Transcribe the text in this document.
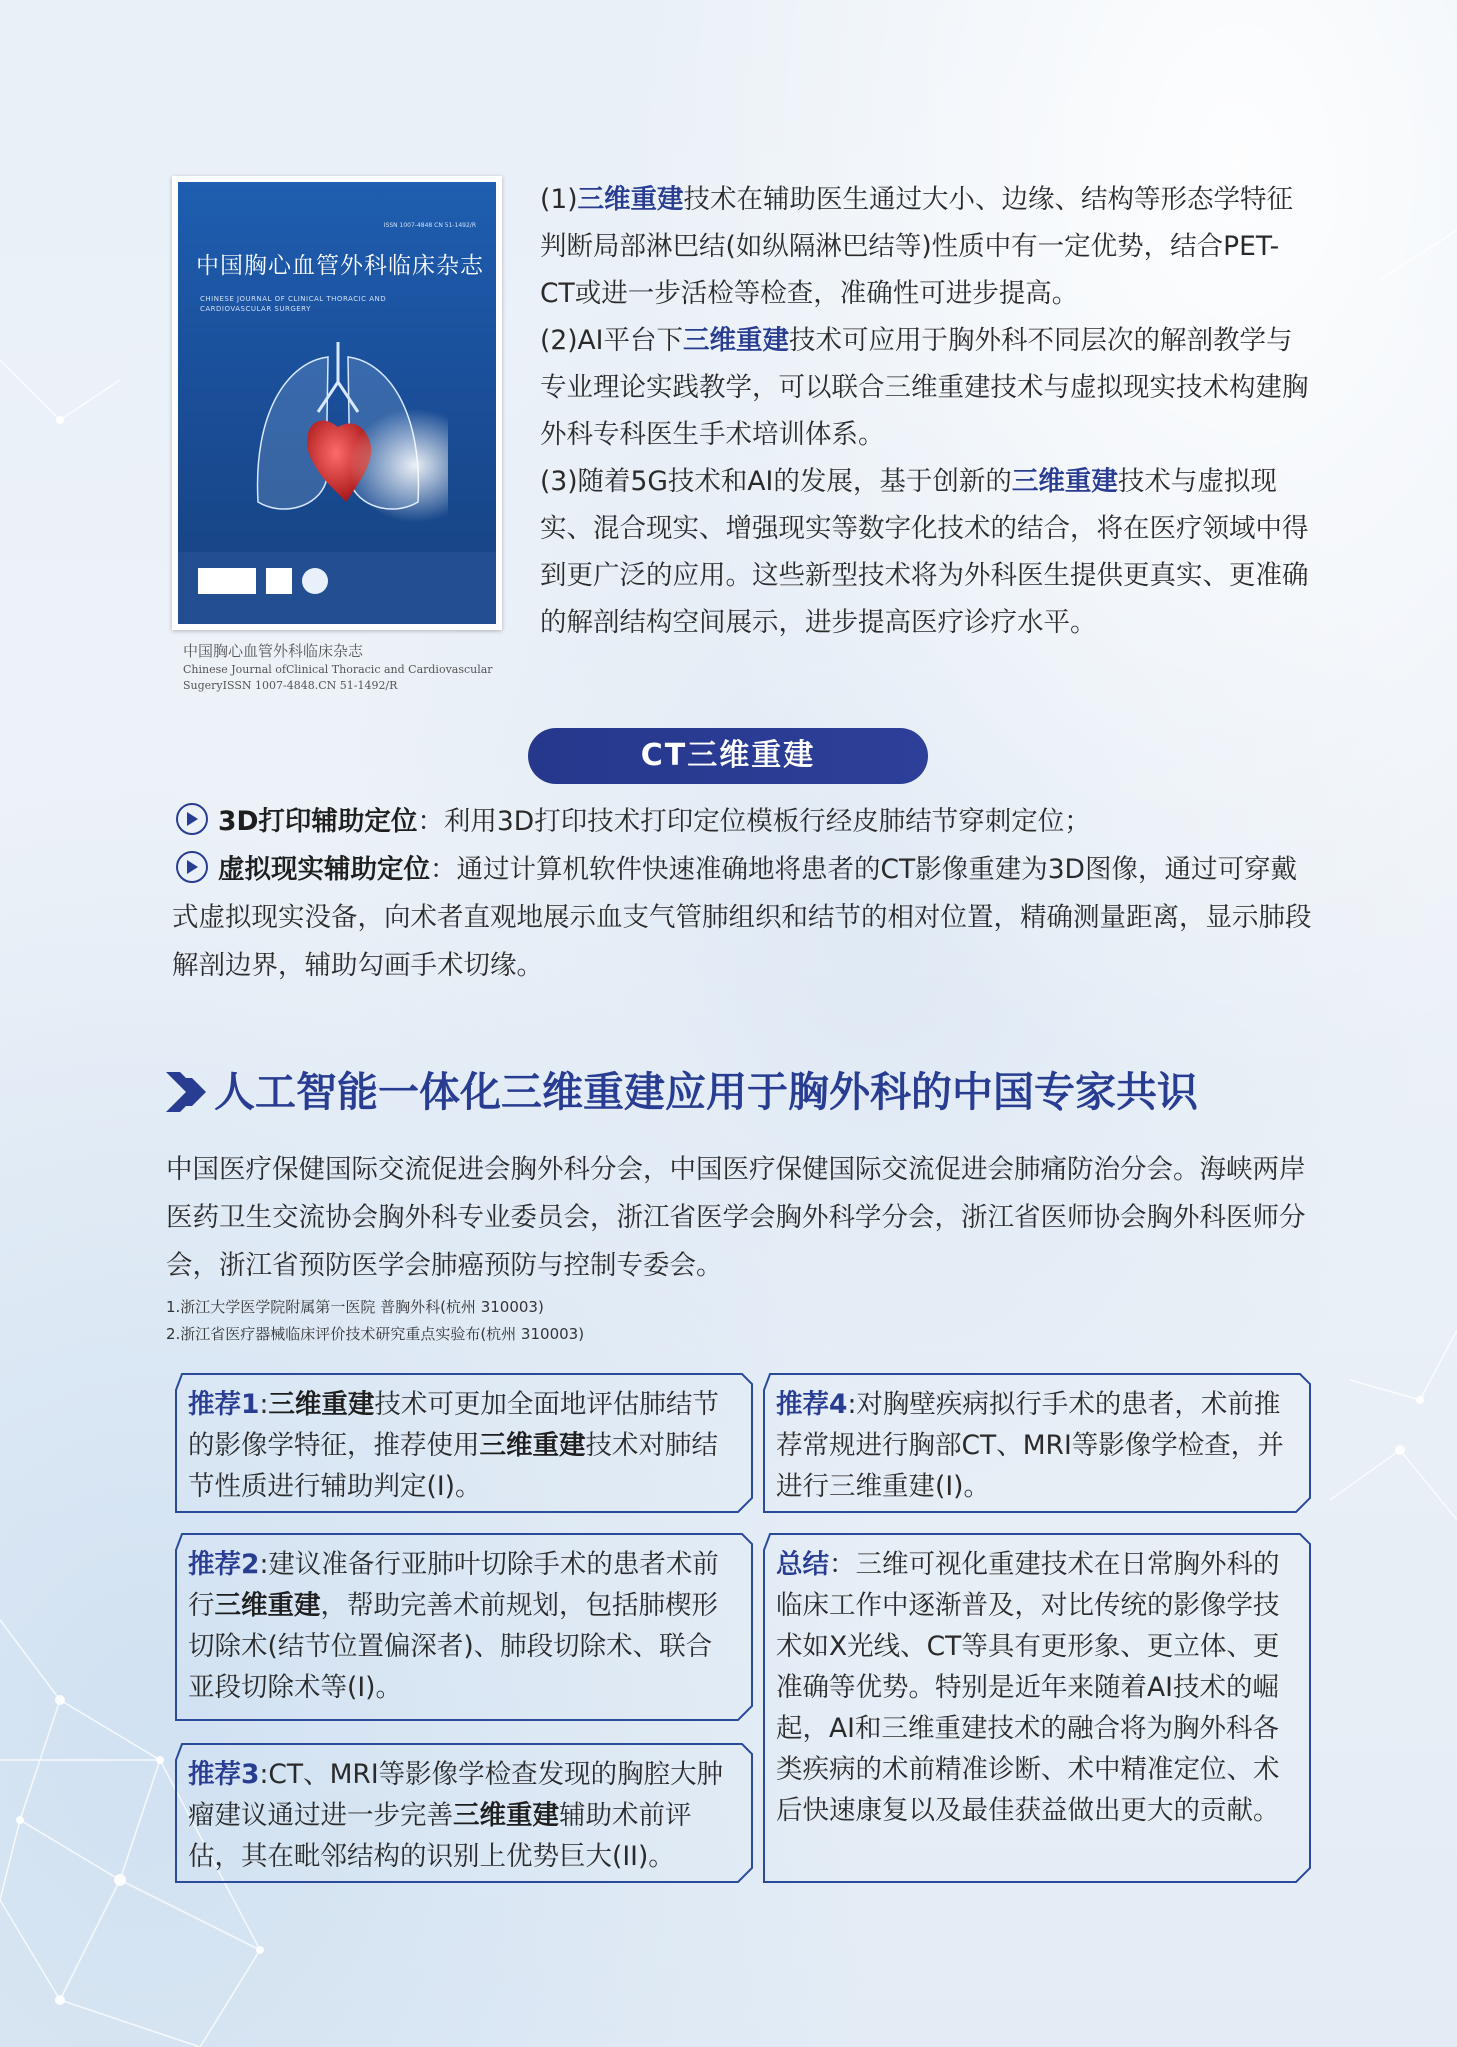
ISSN 1007-4848 CN 51-1492/R
中国胸心血管外科临床杂志
CHINESE JOURNAL OF CLINICAL THORACIC AND CARDIOVASCULAR SURGERY
中国胸心血管外科临床杂志
Chinese Journal ofClinical Thoracic and Cardiovascular
SugeryISSN 1007-4848.CN 51-1492/R

(1)三维重建技术在辅助医生通过大小、边缘、结构等形态学特征判断局部淋巴结(如纵隔淋巴结等)性质中有一定优势，结合PET-CT或进一步活检等检查，准确性可进步提高。

(2)AI平台下三维重建技术可应用于胸外科不同层次的解剖教学与专业理论实践教学，可以联合三维重建技术与虚拟现实技术构建胸外科专科医生手术培训体系。

(3)随着5G技术和AI的发展，基于创新的三维重建技术与虚拟现实、混合现实、增强现实等数字化技术的结合，将在医疗领域中得到更广泛的应用。这些新型技术将为外科医生提供更真实、更准确的解剖结构空间展示，进步提高医疗诊疗水平。

CT三维重建

3D打印辅助定位：利用3D打印技术打印定位模板行经皮肺结节穿刺定位；

虚拟现实辅助定位：通过计算机软件快速准确地将患者的CT影像重建为3D图像，通过可穿戴式虚拟现实没备，向术者直观地展示血支气管肺组织和结节的相对位置，精确测量距离，显示肺段解剖边界，辅助勾画手术切缘。

人工智能一体化三维重建应用于胸外科的中国专家共识
中国医疗保健国际交流促进会胸外科分会，中国医疗保健国际交流促进会肺痛防治分会。海峡两岸医药卫生交流协会胸外科专业委员会，浙江省医学会胸外科学分会，浙江省医师协会胸外科医师分会，浙江省预防医学会肺癌预防与控制专委会。
1.浙江大学医学院附属第一医院 普胸外科(杭州 310003)
2.浙江省医疗器械临床评价技术研究重点实验布(杭州 310003)
推荐1:三维重建技术可更加全面地评估肺结节的影像学特征，推荐使用三维重建技术对肺结节性质进行辅助判定(I)。
推荐2:建议准备行亚肺叶切除手术的患者术前行三维重建，帮助完善术前规划，包括肺楔形切除术(结节位置偏深者)、肺段切除术、联合亚段切除术等(I)。
推荐3:CT、MRI等影像学检查发现的胸腔大肿瘤建议通过进一步完善三维重建辅助术前评估，其在毗邻结构的识别上优势巨大(II)。
推荐4:对胸壁疾病拟行手术的患者，术前推荐常规进行胸部CT、MRI等影像学检查，并进行三维重建(I)。
总结：三维可视化重建技术在日常胸外科的临床工作中逐渐普及，对比传统的影像学技术如X光线、CT等具有更形象、更立体、更准确等优势。特别是近年来随着AI技术的崛起，AI和三维重建技术的融合将为胸外科各类疾病的术前精准诊断、术中精准定位、术后快速康复以及最佳获益做出更大的贡献。
